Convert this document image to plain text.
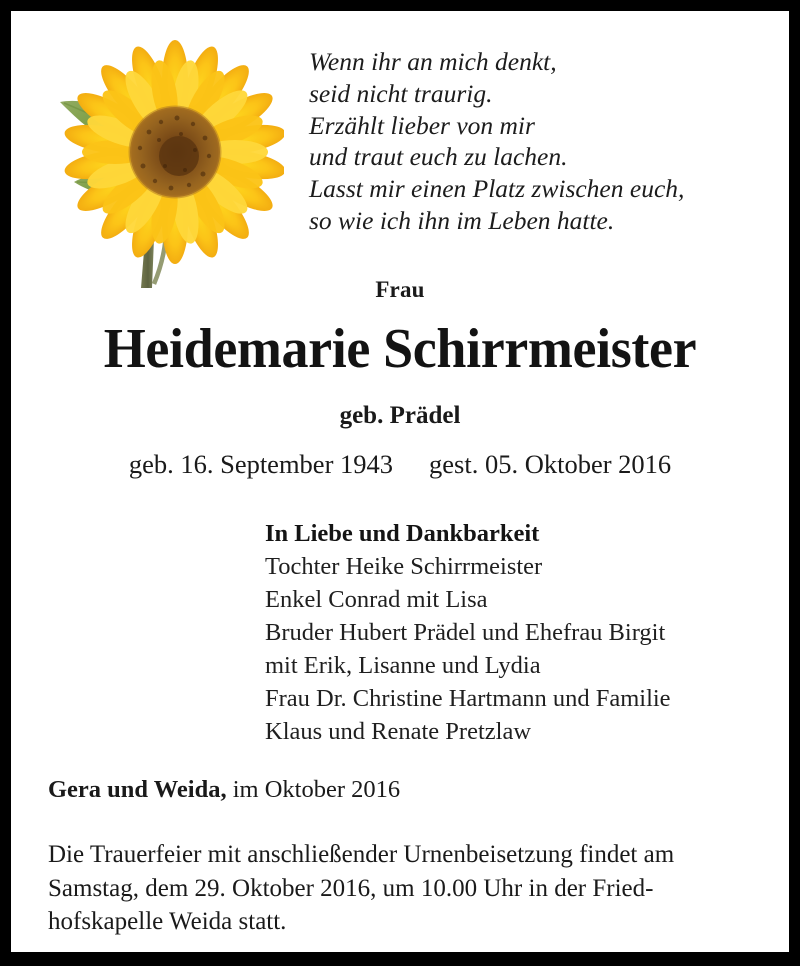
Wenn ihr an mich denkt,
seid nicht traurig.
Erzählt lieber von mir
und traut euch zu lachen.
Lasst mir einen Platz zwischen euch,
so wie ich ihn im Leben hatte.
Frau
Heidemarie Schirrmeister
geb. Prädel
geb. 16. September 1943 gest. 05. Oktober 2016
In Liebe und Dankbarkeit
Tochter Heike Schirrmeister
Enkel Conrad mit Lisa
Bruder Hubert Prädel und Ehefrau Birgit
mit Erik, Lisanne und Lydia
Frau Dr. Christine Hartmann und Familie
Klaus und Renate Pretzlaw
Gera und Weida, im Oktober 2016
Die Trauerfeier mit anschließender Urnenbeisetzung findet am
Samstag, dem 29. Oktober 2016, um 10.00 Uhr in der Fried-
hofskapelle Weida statt.
